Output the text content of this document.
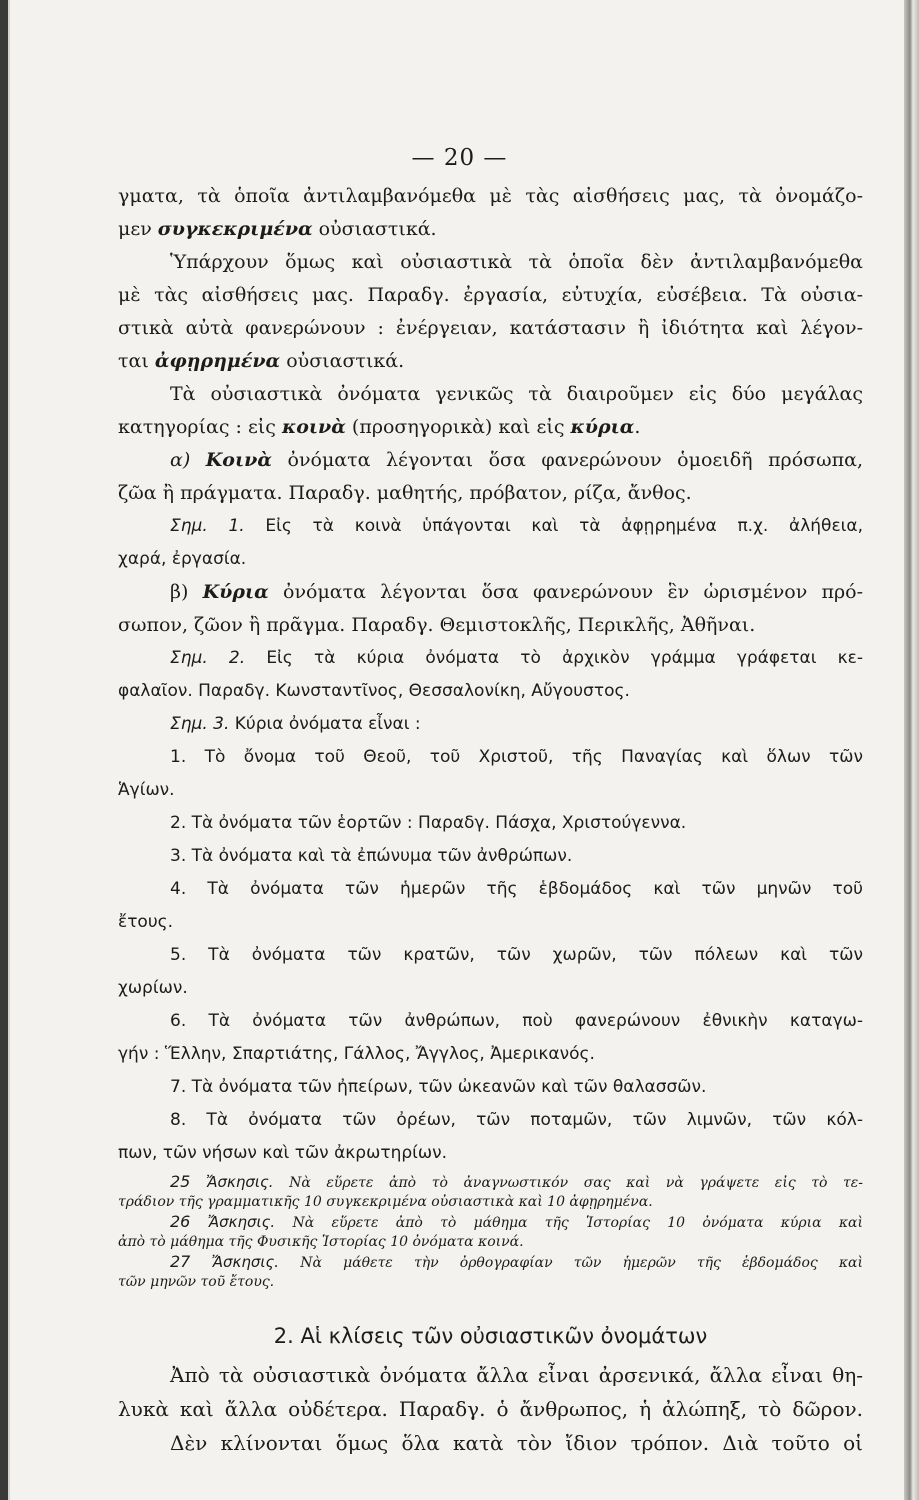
— 20 —
γματα, τὰ ὁποῖα ἀντιλαμβανόμεθα μὲ τὰς αἰσθήσεις μας, τὰ ὀνομάζο-
μεν συγκεκριμένα οὐσιαστικά.
Ὑπάρχουν ὅμως καὶ οὐσιαστικὰ τὰ ὁποῖα δὲν ἀντιλαμβανόμεθα
μὲ τὰς αἰσθήσεις μας. Παραδγ. ἐργασία, εὐτυχία, εὐσέβεια. Τὰ οὐσια-
στικὰ αὐτὰ φανερώνουν : ἐνέργειαν, κατάστασιν ἢ ἰδιότητα καὶ λέγον-
ται ἀφῃρημένα οὐσιαστικά.
Τὰ οὐσιαστικὰ ὀνόματα γενικῶς τὰ διαιροῦμεν εἰς δύο μεγάλας
κατηγορίας : εἰς κοινὰ (προσηγορικὰ) καὶ εἰς κύρια.
α) Κοινὰ ὀνόματα λέγονται ὅσα φανερώνουν ὁμοειδῆ πρόσωπα,
ζῶα ἢ πράγματα. Παραδγ. μαθητής, πρόβατον, ρίζα, ἄνθος.
Σημ. 1. Εἰς τὰ κοινὰ ὑπάγονται καὶ τὰ ἀφῃρημένα π.χ. ἀλήθεια,
χαρά, ἐργασία.
β) Κύρια ὀνόματα λέγονται ὅσα φανερώνουν ἓν ὡρισμένον πρό-
σωπον, ζῶον ἢ πρᾶγμα. Παραδγ. Θεμιστοκλῆς, Περικλῆς, Ἀθῆναι.
Σημ. 2. Εἰς τὰ κύρια ὀνόματα τὸ ἀρχικὸν γράμμα γράφεται κε-
φαλαῖον. Παραδγ. Κωνσταντῖνος, Θεσσαλονίκη, Αὔγουστος.
Σημ. 3. Κύρια ὀνόματα εἶναι :
1. Τὸ ὄνομα τοῦ Θεοῦ, τοῦ Χριστοῦ, τῆς Παναγίας καὶ ὅλων τῶν
Ἁγίων.
2. Τὰ ὀνόματα τῶν ἑορτῶν : Παραδγ. Πάσχα, Χριστούγεννα.
3. Τὰ ὀνόματα καὶ τὰ ἐπώνυμα τῶν ἀνθρώπων.
4. Τὰ ὀνόματα τῶν ἡμερῶν τῆς ἑβδομάδος καὶ τῶν μηνῶν τοῦ
ἔτους.
5. Τὰ ὀνόματα τῶν κρατῶν, τῶν χωρῶν, τῶν πόλεων καὶ τῶν
χωρίων.
6. Τὰ ὀνόματα τῶν ἀνθρώπων, ποὺ φανερώνουν ἐθνικὴν καταγω-
γήν : Ἕλλην, Σπαρτιάτης, Γάλλος, Ἄγγλος, Ἀμερικανός.
7. Τὰ ὀνόματα τῶν ἠπείρων, τῶν ὠκεανῶν καὶ τῶν θαλασσῶν.
8. Τὰ ὀνόματα τῶν ὀρέων, τῶν ποταμῶν, τῶν λιμνῶν, τῶν κόλ-
πων, τῶν νήσων καὶ τῶν ἀκρωτηρίων.
25 Ἄσκησις. Νὰ εὕρετε ἀπὸ τὸ ἀναγνωστικόν σας καὶ νὰ γράψετε εἰς τὸ τε-
τράδιον τῆς γραμματικῆς 10 συγκεκριμένα οὐσιαστικὰ καὶ 10 ἀφῃρημένα.
26 Ἄσκησις. Νὰ εὕρετε ἀπὸ τὸ μάθημα τῆς Ἱστορίας 10 ὀνόματα κύρια καὶ
ἀπὸ τὸ μάθημα τῆς Φυσικῆς Ἱστορίας 10 ὀνόματα κοινά.
27 Ἄσκησις. Νὰ μάθετε τὴν ὀρθογραφίαν τῶν ἡμερῶν τῆς ἑβδομάδος καὶ
τῶν μηνῶν τοῦ ἔτους.
2. Αἱ κλίσεις τῶν οὐσιαστικῶν ὀνομάτων
Ἀπὸ τὰ οὐσιαστικὰ ὀνόματα ἄλλα εἶναι ἀρσενικά, ἄλλα εἶναι θη-
λυκὰ καὶ ἄλλα οὐδέτερα. Παραδγ. ὁ ἄνθρωπος, ἡ ἀλώπηξ, τὸ δῶρον.
Δὲν κλίνονται ὅμως ὅλα κατὰ τὸν ἴδιον τρόπον. Διὰ τοῦτο οἱ
